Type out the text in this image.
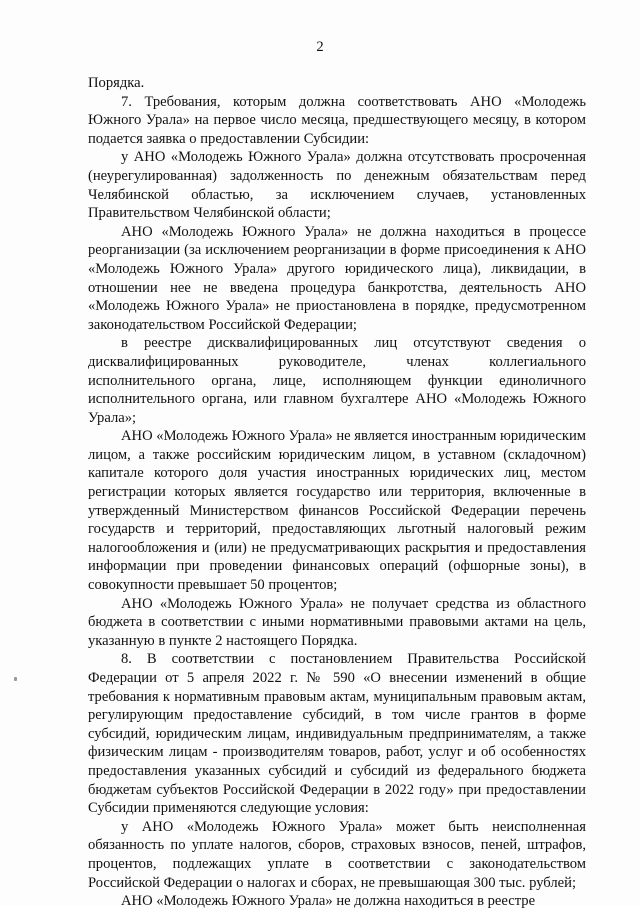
2

Порядка.

7. Требования, которым должна соответствовать АНО «Молодежь Южного Урала» на первое число месяца, предшествующего месяцу, в котором подается заявка о предоставлении Субсидии:

у АНО «Молодежь Южного Урала» должна отсутствовать просроченная (неурегулированная) задолженность по денежным обязательствам перед Челябинской областью, за исключением случаев, установленных Правительством Челябинской области;

АНО «Молодежь Южного Урала» не должна находиться в процессе реорганизации (за исключением реорганизации в форме присоединения к АНО «Молодежь Южного Урала» другого юридического лица), ликвидации, в отношении нее не введена процедура банкротства, деятельность АНО «Молодежь Южного Урала» не приостановлена в порядке, предусмотренном законодательством Российской Федерации;

в реестре дисквалифицированных лиц отсутствуют сведения о дисквалифицированных руководителе, членах коллегиального исполнительного органа, лице, исполняющем функции единоличного исполнительного органа, или главном бухгалтере АНО «Молодежь Южного Урала»;

АНО «Молодежь Южного Урала» не является иностранным юридическим лицом, а также российским юридическим лицом, в уставном (складочном) капитале которого доля участия иностранных юридических лиц, местом регистрации которых является государство или территория, включенные в утвержденный Министерством финансов Российской Федерации перечень государств и территорий, предоставляющих льготный налоговый режим налогообложения и (или) не предусматривающих раскрытия и предоставления информации при проведении финансовых операций (офшорные зоны), в совокупности превышает 50 процентов;

АНО «Молодежь Южного Урала» не получает средства из областного бюджета в соответствии с иными нормативными правовыми актами на цель, указанную в пункте 2 настоящего Порядка.

8. В соответствии с постановлением Правительства Российской Федерации от 5 апреля 2022 г. № 590 «О внесении изменений в общие требования к нормативным правовым актам, муниципальным правовым актам, регулирующим предоставление субсидий, в том числе грантов в форме субсидий, юридическим лицам, индивидуальным предпринимателям, а также физическим лицам - производителям товаров, работ, услуг и об особенностях предоставления указанных субсидий и субсидий из федерального бюджета бюджетам субъектов Российской Федерации в 2022 году» при предоставлении Субсидии применяются следующие условия:

у АНО «Молодежь Южного Урала» может быть неисполненная обязанность по уплате налогов, сборов, страховых взносов, пеней, штрафов, процентов, подлежащих уплате в соответствии с законодательством Российской Федерации о налогах и сборах, не превышающая 300 тыс. рублей;

АНО «Молодежь Южного Урала» не должна находиться в реестре
